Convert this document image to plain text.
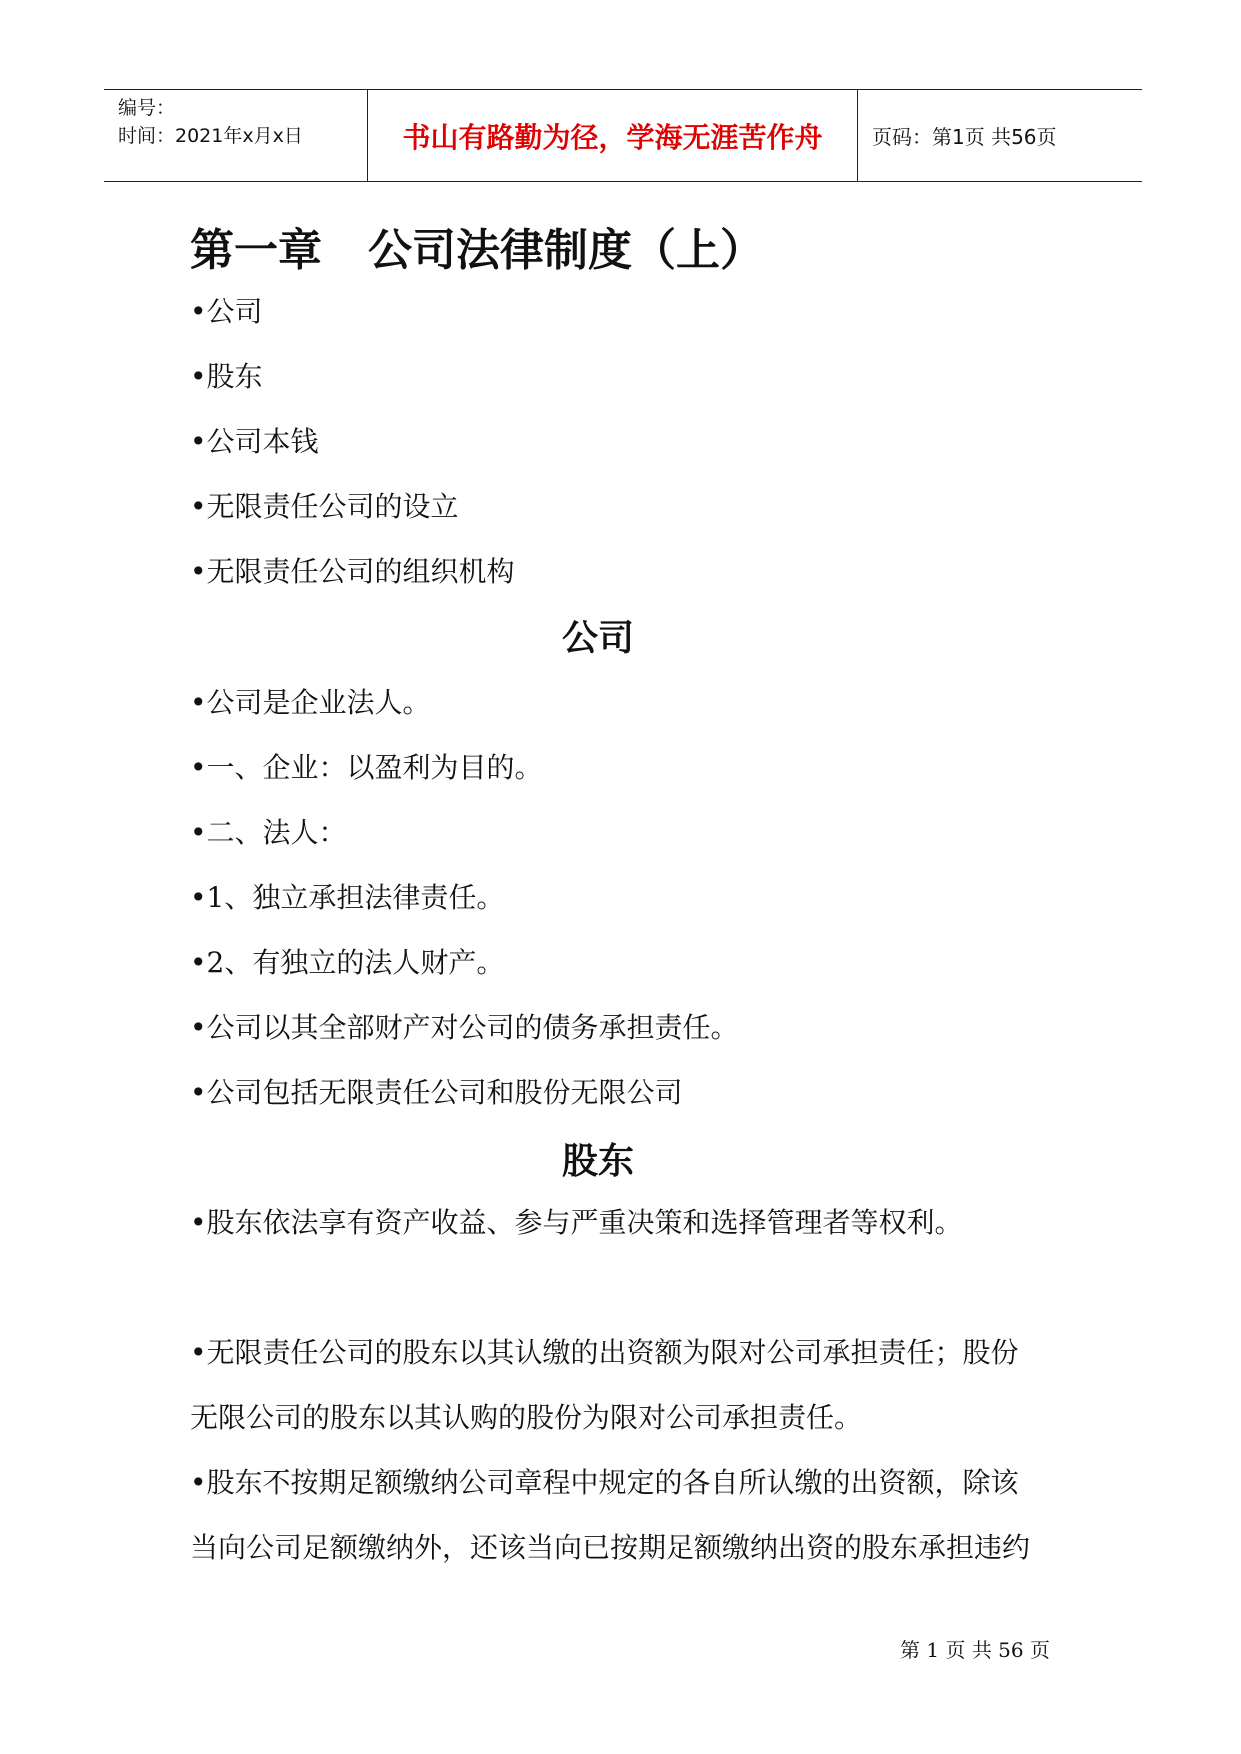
编号：
时间：2021年x月x日	书山有路勤为径，学海无涯苦作舟	页码：第1页 共56页
第一章   公司法律制度（上）
•公司
•股东
•公司本钱
•无限责任公司的设立
•无限责任公司的组织机构
公司
•公司是企业法人。
•一、企业：以盈利为目的。
•二、法人：
•1、独立承担法律责任。
•2、有独立的法人财产。
•公司以其全部财产对公司的债务承担责任。
•公司包括无限责任公司和股份无限公司
股东
•股东依法享有资产收益、参与严重决策和选择管理者等权利。
•无限责任公司的股东以其认缴的出资额为限对公司承担责任；股份
无限公司的股东以其认购的股份为限对公司承担责任。
•股东不按期足额缴纳公司章程中规定的各自所认缴的出资额，除该
当向公司足额缴纳外，还该当向已按期足额缴纳出资的股东承担违约
第 1 页 共 56 页
